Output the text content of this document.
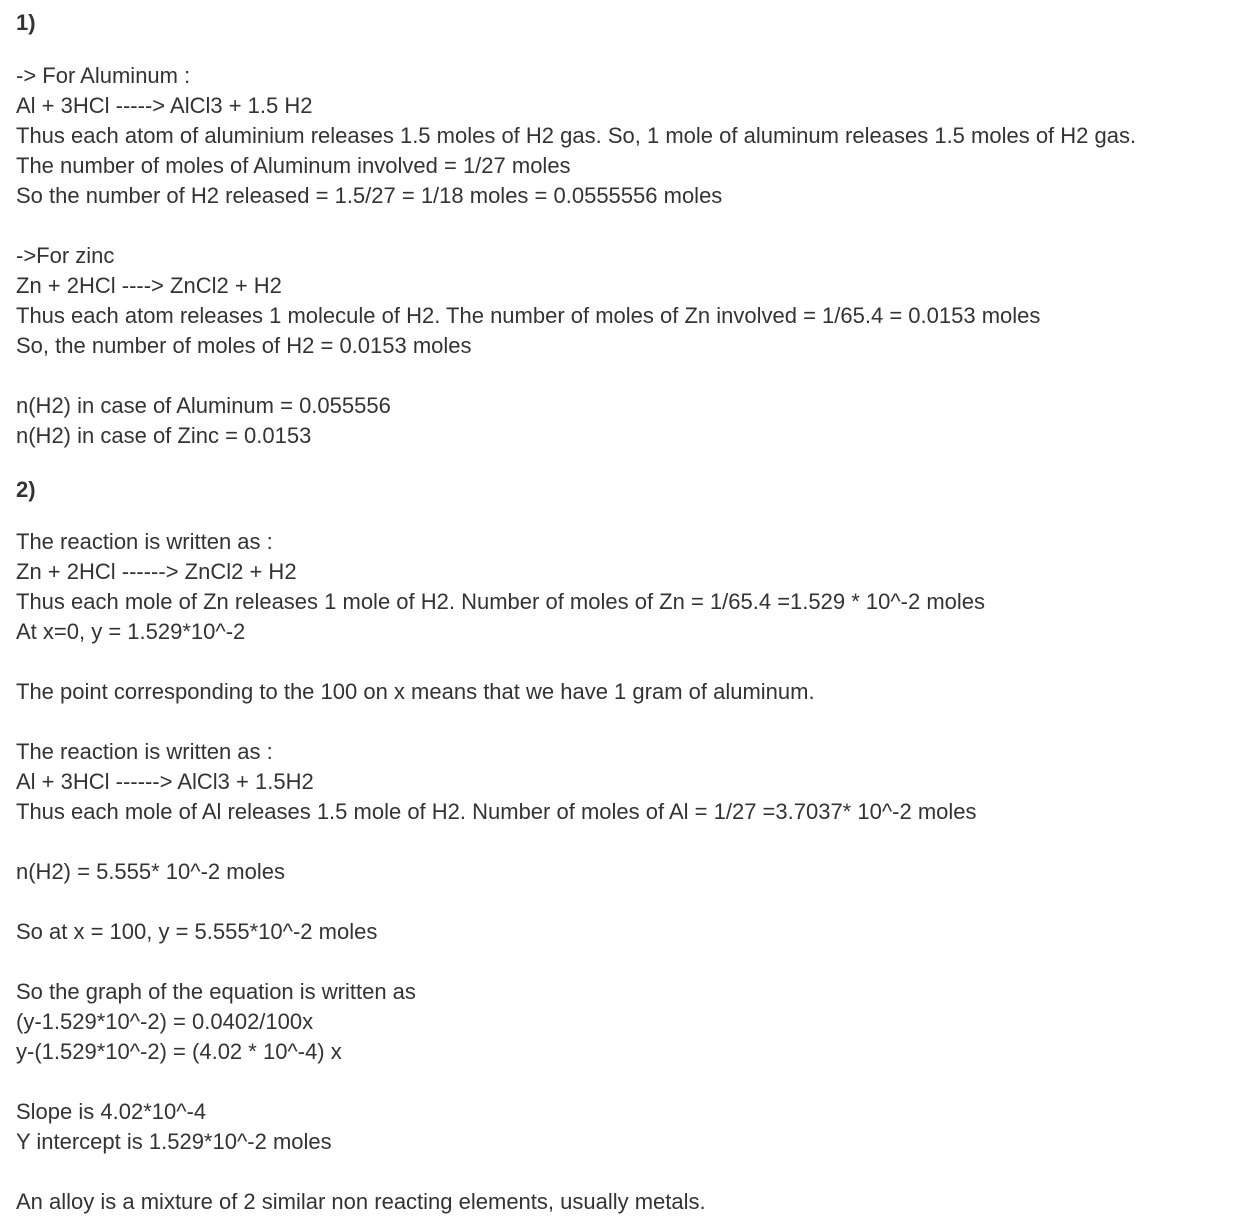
1)
-> For Aluminum :
Al + 3HCl -----> AlCl3 + 1.5 H2
Thus each atom of aluminium releases 1.5 moles of H2 gas. So, 1 mole of aluminum releases 1.5 moles of H2 gas.
The number of moles of Aluminum involved = 1/27 moles
So the number of H2 released = 1.5/27 = 1/18 moles = 0.0555556 moles
->For zinc
Zn + 2HCl ----> ZnCl2 + H2
Thus each atom releases 1 molecule of H2. The number of moles of Zn involved = 1/65.4 = 0.0153 moles
So, the number of moles of H2 = 0.0153 moles
n(H2) in case of Aluminum = 0.055556
n(H2) in case of Zinc = 0.0153
2)
The reaction is written as :
Zn + 2HCl ------> ZnCl2 + H2
Thus each mole of Zn releases 1 mole of H2. Number of moles of Zn = 1/65.4 =1.529 * 10^-2 moles
At x=0, y = 1.529*10^-2
The point corresponding to the 100 on x means that we have 1 gram of aluminum.
The reaction is written as :
Al + 3HCl ------> AlCl3 + 1.5H2
Thus each mole of Al releases 1.5 mole of H2. Number of moles of Al = 1/27 =3.7037* 10^-2 moles
n(H2) = 5.555* 10^-2 moles
So at x = 100, y = 5.555*10^-2 moles
So the graph of the equation is written as
(y-1.529*10^-2) = 0.0402/100x
y-(1.529*10^-2) = (4.02 * 10^-4) x
Slope is 4.02*10^-4
Y intercept is 1.529*10^-2 moles
An alloy is a mixture of 2 similar non reacting elements, usually metals.
